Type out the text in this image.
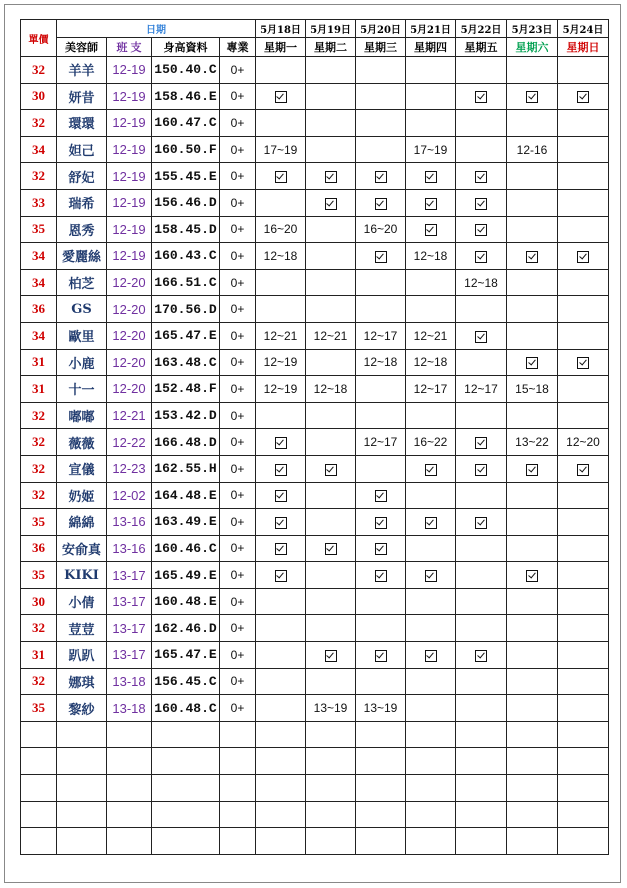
單價	日期				5月18日	5月19日	5月20日	5月21日	5月22日	5月23日	5月24日
	美容師	班 支	身高資料	專業	星期一	星期二	星期三	星期四	星期五	星期六	星期日
32	羊羊	12-19	150.40.C	0+							
30	妍昔	12-19	158.46.E	0+							
32	環環	12-19	160.47.C	0+							
34	妲己	12-19	160.50.F	0+	17~19			17~19		12-16	
32	舒妃	12-19	155.45.E	0+							
33	瑞希	12-19	156.46.D	0+							
35	恩秀	12-19	158.45.D	0+	16~20		16~20				
34	愛麗絲	12-19	160.43.C	0+	12~18			12~18			
34	柏芝	12-20	166.51.C	0+					12~18		
36	GS	12-20	170.56.D	0+							
34	歐里	12-20	165.47.E	0+	12~21	12~21	12~17	12~21			
31	小鹿	12-20	163.48.C	0+	12~19		12~18	12~18			
31	十一	12-20	152.48.F	0+	12~19	12~18		12~17	12~17	15~18	
32	嘟嘟	12-21	153.42.D	0+							
32	薇薇	12-22	166.48.D	0+			12~17	16~22		13~22	12~20
32	宣儀	12-23	162.55.H	0+							
32	奶姬	12-02	164.48.E	0+							
35	綿綿	13-16	163.49.E	0+							
36	安俞真	13-16	160.46.C	0+							
35	KIKI	13-17	165.49.E	0+							
30	小倩	13-17	160.48.E	0+							
32	荳荳	13-17	162.46.D	0+							
31	趴趴	13-17	165.47.E	0+							
32	娜琪	13-18	156.45.C	0+							
35	黎紗	13-18	160.48.C	0+		13~19	13~19				
